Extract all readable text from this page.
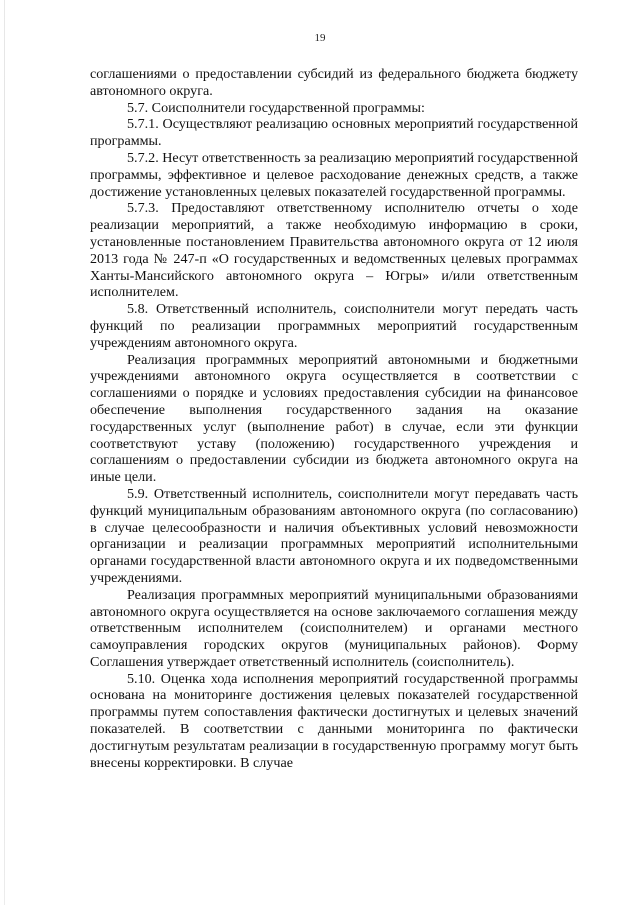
19

соглашениями о предоставлении субсидий из федерального бюджета бюджету автономного округа.

5.7. Соисполнители государственной программы:

5.7.1. Осуществляют реализацию основных мероприятий государственной программы.

5.7.2. Несут ответственность за реализацию мероприятий государственной программы, эффективное и целевое расходование денежных средств, а также достижение установленных целевых показателей государственной программы.

5.7.3. Предоставляют ответственному исполнителю отчеты о ходе реализации мероприятий, а также необходимую информацию в сроки, установленные постановлением Правительства автономного округа от 12 июля 2013 года № 247-п «О государственных и ведомственных целевых программах Ханты-Мансийского автономного округа – Югры» и/или ответственным исполнителем.

5.8. Ответственный исполнитель, соисполнители могут передать часть функций по реализации программных мероприятий государственным учреждениям автономного округа.

Реализация программных мероприятий автономными и бюджетными учреждениями автономного округа осуществляется в соответствии с соглашениями о порядке и условиях предоставления субсидии на финансовое обеспечение выполнения государственного задания на оказание государственных услуг (выполнение работ) в случае, если эти функции соответствуют уставу (положению) государственного учреждения и соглашениям о предоставлении субсидии из бюджета автономного округа на иные цели.

5.9. Ответственный исполнитель, соисполнители могут передавать часть функций муниципальным образованиям автономного округа (по согласованию) в случае целесообразности и наличия объективных условий невозможности организации и реализации программных мероприятий исполнительными органами государственной власти автономного округа и их подведомственными учреждениями.

Реализация программных мероприятий муниципальными образованиями автономного округа осуществляется на основе заключаемого соглашения между ответственным исполнителем (соисполнителем) и органами местного самоуправления городских округов (муниципальных районов). Форму Соглашения утверждает ответственный исполнитель (соисполнитель).

5.10. Оценка хода исполнения мероприятий государственной программы основана на мониторинге достижения целевых показателей государственной программы путем сопоставления фактически достигнутых и целевых значений показателей. В соответствии с данными мониторинга по фактически достигнутым результатам реализации в государственную программу могут быть внесены корректировки. В случае
